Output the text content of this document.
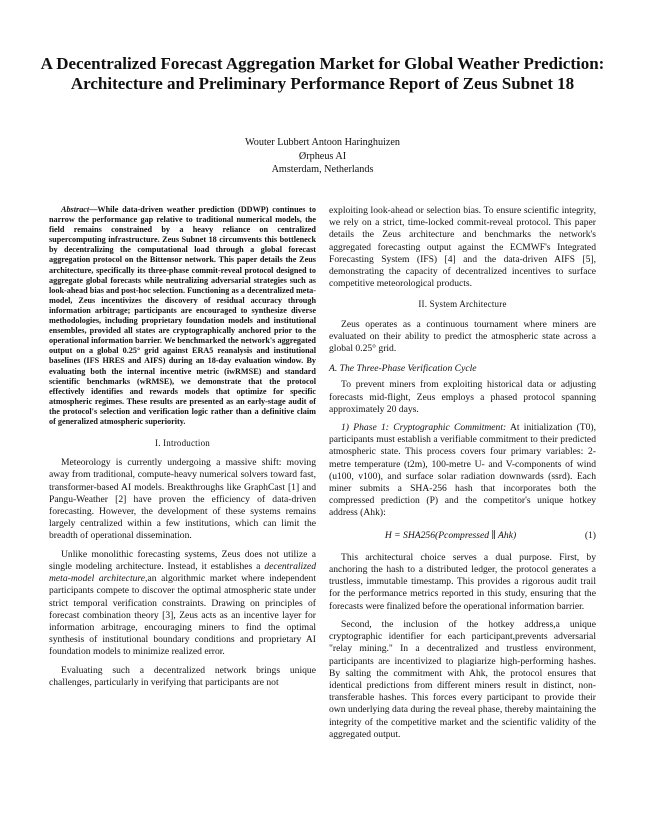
A Decentralized Forecast Aggregation Market for Global Weather Prediction: Architecture and Preliminary Performance Report of Zeus Subnet 18
Wouter Lubbert Antoon Haringhuizen
Ørpheus AI
Amsterdam, Netherlands
Abstract—While data-driven weather prediction (DDWP) continues to narrow the performance gap relative to traditional numerical models, the field remains constrained by a heavy reliance on centralized supercomputing infrastructure. Zeus Subnet 18 circumvents this bottleneck by decentralizing the computational load through a global forecast aggregation protocol on the Bittensor network. This paper details the Zeus architecture, specifically its three-phase commit-reveal protocol designed to aggregate global forecasts while neutralizing adversarial strategies such as look-ahead bias and post-hoc selection. Functioning as a decentralized meta-model, Zeus incentivizes the discovery of residual accuracy through information arbitrage; participants are encouraged to synthesize diverse methodologies, including proprietary foundation models and institutional ensembles, provided all states are cryptographically anchored prior to the operational information barrier. We benchmarked the network's aggregated output on a global 0.25° grid against ERA5 reanalysis and institutional baselines (IFS HRES and AIFS) during an 18-day evaluation window. By evaluating both the internal incentive metric (iwRMSE) and standard scientific benchmarks (wRMSE), we demonstrate that the protocol effectively identifies and rewards models that optimize for specific atmospheric regimes. These results are presented as an early-stage audit of the protocol's selection and verification logic rather than a definitive claim of generalized atmospheric superiority.
I. Introduction

Meteorology is currently undergoing a massive shift: moving away from traditional, compute-heavy numerical solvers toward fast, transformer-based AI models. Breakthroughs like GraphCast [1] and Pangu-Weather [2] have proven the efficiency of data-driven forecasting. However, the development of these systems remains largely centralized within a few institutions, which can limit the breadth of operational dissemination.

Unlike monolithic forecasting systems, Zeus does not utilize a single modeling architecture. Instead, it establishes a decentralized meta-model architecture,an algorithmic market where independent participants compete to discover the optimal atmospheric state under strict temporal verification constraints. Drawing on principles of forecast combination theory [3], Zeus acts as an incentive layer for information arbitrage, encouraging miners to find the optimal synthesis of institutional boundary conditions and proprietary AI foundation models to minimize realized error.

Evaluating such a decentralized network brings unique challenges, particularly in verifying that participants are not

exploiting look-ahead or selection bias. To ensure scientific integrity, we rely on a strict, time-locked commit-reveal protocol. This paper details the Zeus architecture and benchmarks the network's aggregated forecasting output against the ECMWF's Integrated Forecasting System (IFS) [4] and the data-driven AIFS [5], demonstrating the capacity of decentralized incentives to surface competitive meteorological products.

II. System Architecture

Zeus operates as a continuous tournament where miners are evaluated on their ability to predict the atmospheric state across a global 0.25° grid.

A. The Three-Phase Verification Cycle

To prevent miners from exploiting historical data or adjusting forecasts mid-flight, Zeus employs a phased protocol spanning approximately 20 days.

1) Phase 1: Cryptographic Commitment: At initialization (T0), participants must establish a verifiable commitment to their predicted atmospheric state. This process covers four primary variables: 2-metre temperature (t2m), 100-metre U- and V-components of wind (u100, v100), and surface solar radiation downwards (ssrd). Each miner submits a SHA-256 hash that incorporates both the compressed prediction (P) and the competitor's unique hotkey address (Ahk):

H = SHA256(Pcompressed ∥ Ahk)	(1)

This architectural choice serves a dual purpose. First, by anchoring the hash to a distributed ledger, the protocol generates a trustless, immutable timestamp. This provides a rigorous audit trail for the performance metrics reported in this study, ensuring that the forecasts were finalized before the operational information barrier.

Second, the inclusion of the hotkey address,a unique cryptographic identifier for each participant,prevents adversarial "relay mining." In a decentralized and trustless environment, participants are incentivized to plagiarize high-performing hashes. By salting the commitment with Ahk, the protocol ensures that identical predictions from different miners result in distinct, non-transferable hashes. This forces every participant to provide their own underlying data during the reveal phase, thereby maintaining the integrity of the competitive market and the scientific validity of the aggregated output.
